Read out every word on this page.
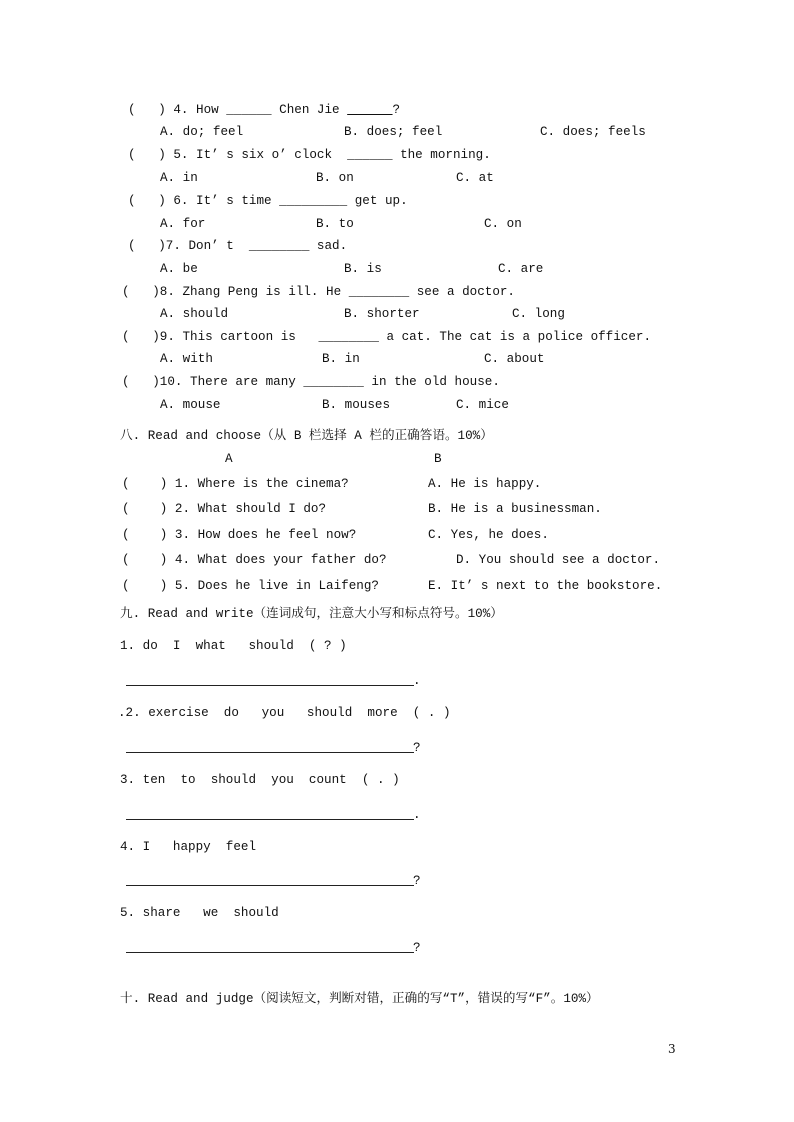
(   ) 4. How ______ Chen Jie	?
A. do; feel	B. does; feel	C. does; feels
(   ) 5. It’ s six o’ clock  ______ the morning.
A. in	B. on	C. at
(   ) 6. It’ s time _________ get up.
A. for	B. to	C. on
(   )7. Don’ t  ________ sad.
A. be	B. is	C. are
(   )8. Zhang Peng is ill. He ________ see a doctor.
A. should	B. shorter	C. long
(   )9. This cartoon is   ________ a cat. The cat is a police officer.
A. with	B. in	C. about
(   )10. There are many ________ in the old house.
A. mouse	B. mouses	C. mice
八. Read and choose（从 B 栏选择 A 栏的正确答语。10%）
A	B
(    ) 1. Where is the cinema?	A. He is happy.
(    ) 2. What should I do?	B. He is a businessman.
(    ) 3. How does he feel now?	C. Yes, he does.
(    ) 4. What does your father do?	D. You should see a doctor.
(    ) 5. Does he live in Laifeng?	E. It’ s next to the bookstore.
九. Read and write（连词成句，注意大小写和标点符号。10%）
1. do  I  what   should  ( ? )
.
.2. exercise  do   you   should  more  ( . )
?
3. ten  to  should  you  count  ( . )
.
4. I   happy  feel
?
5. share   we  should
?
十. Read and judge（阅读短文，判断对错，正确的写“T”，错误的写“F”。10%）
3
